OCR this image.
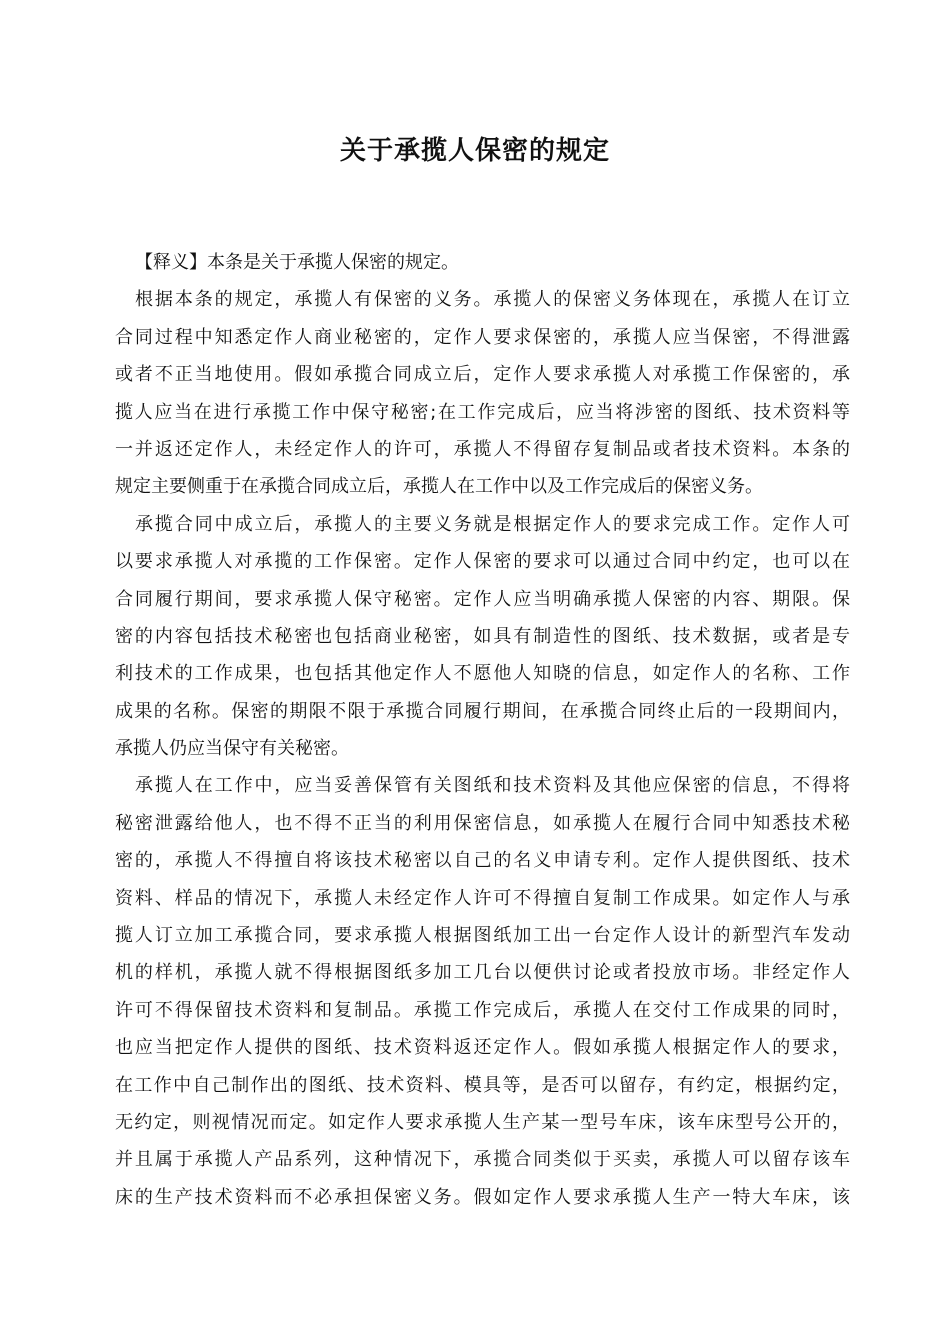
关于承揽人保密的规定
【释义】本条是关于承揽人保密的规定。
根据本条的规定，承揽人有保密的义务。承揽人的保密义务体现在，承揽人在订立
合同过程中知悉定作人商业秘密的，定作人要求保密的，承揽人应当保密，不得泄露
或者不正当地使用。假如承揽合同成立后，定作人要求承揽人对承揽工作保密的，承
揽人应当在进行承揽工作中保守秘密;在工作完成后，应当将涉密的图纸、技术资料等
一并返还定作人，未经定作人的许可，承揽人不得留存复制品或者技术资料。本条的
规定主要侧重于在承揽合同成立后，承揽人在工作中以及工作完成后的保密义务。
承揽合同中成立后，承揽人的主要义务就是根据定作人的要求完成工作。定作人可
以要求承揽人对承揽的工作保密。定作人保密的要求可以通过合同中约定，也可以在
合同履行期间，要求承揽人保守秘密。定作人应当明确承揽人保密的内容、期限。保
密的内容包括技术秘密也包括商业秘密，如具有制造性的图纸、技术数据，或者是专
利技术的工作成果，也包括其他定作人不愿他人知晓的信息，如定作人的名称、工作
成果的名称。保密的期限不限于承揽合同履行期间，在承揽合同终止后的一段期间内，
承揽人仍应当保守有关秘密。
承揽人在工作中，应当妥善保管有关图纸和技术资料及其他应保密的信息，不得将
秘密泄露给他人，也不得不正当的利用保密信息，如承揽人在履行合同中知悉技术秘
密的，承揽人不得擅自将该技术秘密以自己的名义申请专利。定作人提供图纸、技术
资料、样品的情况下，承揽人未经定作人许可不得擅自复制工作成果。如定作人与承
揽人订立加工承揽合同，要求承揽人根据图纸加工出一台定作人设计的新型汽车发动
机的样机，承揽人就不得根据图纸多加工几台以便供讨论或者投放市场。非经定作人
许可不得保留技术资料和复制品。承揽工作完成后，承揽人在交付工作成果的同时，
也应当把定作人提供的图纸、技术资料返还定作人。假如承揽人根据定作人的要求，
在工作中自己制作出的图纸、技术资料、模具等，是否可以留存，有约定，根据约定，
无约定，则视情况而定。如定作人要求承揽人生产某一型号车床，该车床型号公开的，
并且属于承揽人产品系列，这种情况下，承揽合同类似于买卖，承揽人可以留存该车
床的生产技术资料而不必承担保密义务。假如定作人要求承揽人生产一特大车床，该
